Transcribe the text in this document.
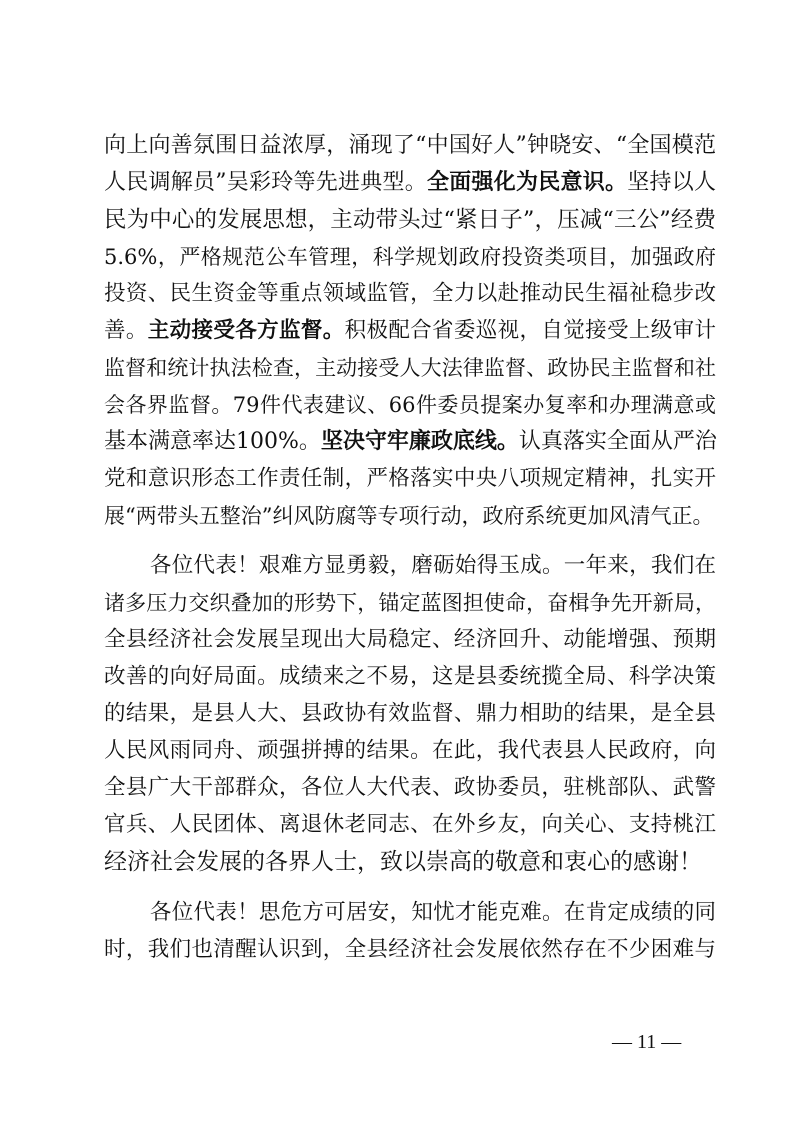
向上向善氛围日益浓厚，涌现了“中国好人”钟晓安、“全国模范
人民调解员”吴彩玲等先进典型。全面强化为民意识。坚持以人
民为中心的发展思想，主动带头过“紧日子”，压减“三公”经费
5.6%，严格规范公车管理，科学规划政府投资类项目，加强政府
投资、民生资金等重点领域监管，全力以赴推动民生福祉稳步改
善。主动接受各方监督。积极配合省委巡视，自觉接受上级审计
监督和统计执法检查，主动接受人大法律监督、政协民主监督和社
会各界监督。79件代表建议、66件委员提案办复率和办理满意或
基本满意率达100%。坚决守牢廉政底线。认真落实全面从严治
党和意识形态工作责任制，严格落实中央八项规定精神，扎实开
展“两带头五整治”纠风防腐等专项行动，政府系统更加风清气正。
各位代表！艰难方显勇毅，磨砺始得玉成。一年来，我们在
诸多压力交织叠加的形势下，锚定蓝图担使命，奋楫争先开新局，
全县经济社会发展呈现出大局稳定、经济回升、动能增强、预期
改善的向好局面。成绩来之不易，这是县委统揽全局、科学决策
的结果，是县人大、县政协有效监督、鼎力相助的结果，是全县
人民风雨同舟、顽强拼搏的结果。在此，我代表县人民政府，向
全县广大干部群众，各位人大代表、政协委员，驻桃部队、武警
官兵、人民团体、离退休老同志、在外乡友，向关心、支持桃江
经济社会发展的各界人士，致以崇高的敬意和衷心的感谢！
各位代表！思危方可居安，知忧才能克难。在肯定成绩的同
时，我们也清醒认识到，全县经济社会发展依然存在不少困难与
— 11 —
